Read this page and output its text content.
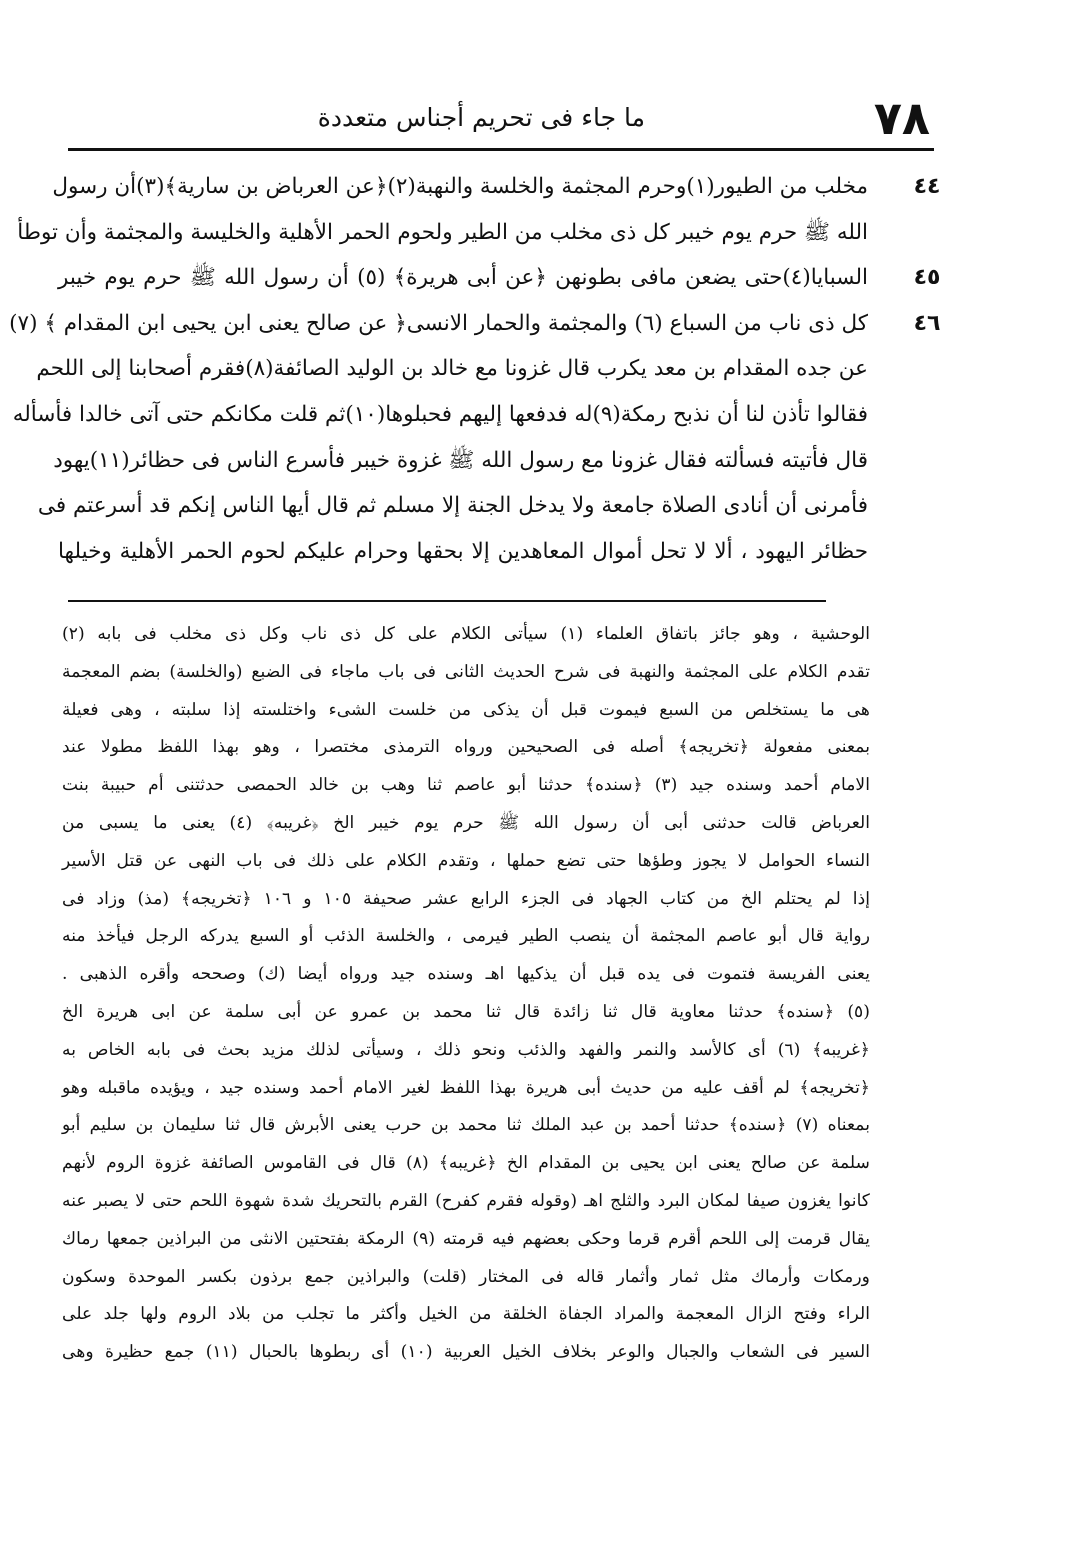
٧٨
ما جاء فى تحريم أجناس متعددة
٤٤
مخلب من الطيور(١)وحرم المجثمة والخلسة والنهبة(٢)﴿عن العرباض بن سارية﴾(٣)أن رسول
الله ﷺ حرم يوم خيبر كل ذى مخلب من الطير ولحوم الحمر الأهلية والخليسة والمجثمة وأن توطأ
٤٥
السبايا(٤)حتى يضعن مافى بطونهن ﴿عن أبى هريرة﴾ (٥) أن رسول الله ﷺ حرم يوم خيبر
٤٦
كل ذى ناب من السباع (٦) والمجثمة والحمار الانسى﴿ عن صالح يعنى ابن يحيى ابن المقدام ﴾ (٧)
عن جده المقدام بن معد يكرب قال غزونا مع خالد بن الوليد الصائفة(٨)فقرم أصحابنا إلى اللحم
فقالوا تأذن لنا أن نذبح رمكة(٩)له فدفعها إليهم فحبلوها(١٠)ثم قلت مكانكم حتى آتى خالدا فأسأله
قال فأتيته فسألته فقال غزونا مع رسول الله ﷺ غزوة خيبر فأسرع الناس فى حظائر(١١)يهود
فأمرنى أن أنادى الصلاة جامعة ولا يدخل الجنة إلا مسلم ثم قال أيها الناس إنكم قد أسرعتم فى
حظائر اليهود ، ألا لا تحل أموال المعاهدين إلا بحقها وحرام عليكم لحوم الحمر الأهلية وخيلها
الوحشية ، وهو جائز باتفاق العلماء (١) سيأتى الكلام على كل ذى ناب وكل ذى مخلب فى بابه (٢)
تقدم الكلام على المجثمة والنهبة فى شرح الحديث الثانى فى باب ماجاء فى الضبع (والخلسة) بضم المعجمة
هى ما يستخلص من السبع فيموت قبل أن يذكى من خلست الشىء واختلسته إذا سلبته ، وهى فعيلة
بمعنى مفعولة ﴿تخريجه﴾ أصله فى الصحيحين ورواه الترمذى مختصرا ، وهو بهذا اللفظ مطولا عند
الامام أحمد وسنده جيد (٣) ﴿سنده﴾ حدثنا أبو عاصم ثنا وهب بن خالد الحمصى حدثتنى أم حبيبة بنت
العرباض قالت حدثنى أبى أن رسول الله ﷺ حرم يوم خيبر الخ ﴿غريبه﴾ (٤) يعنى ما يسبى من
النساء الحوامل لا يجوز وطؤها حتى تضع حملها ، وتقدم الكلام على ذلك فى باب النهى عن قتل الأسير
إذا لم يحتلم الخ من كتاب الجهاد فى الجزء الرابع عشر صحيفة ١٠٥ و ١٠٦ ﴿تخريجه﴾ (مذ) وزاد فى
رواية قال أبو عاصم المجثمة أن ينصب الطير فيرمى ، والخلسة الذئب أو السبع يدركه الرجل فيأخذ منه
يعنى الفريسة فتموت فى يده قبل أن يذكيها اهـ وسنده جيد ورواه أيضا (ك) وصححه وأقره الذهبى .
(٥) ﴿سنده﴾ حدثنا معاوية قال ثنا زائدة قال ثنا محمد بن عمرو عن أبى سلمة عن ابى هريرة الخ
﴿غريبه﴾ (٦) أى كالأسد والنمر والفهد والذئب ونحو ذلك ، وسيأتى لذلك مزيد بحث فى بابه الخاص به
﴿تخريجه﴾ لم أقف عليه من حديث أبى هريرة بهذا اللفظ لغير الامام أحمد وسنده جيد ، ويؤيده ماقبله وهو
بمعناه (٧) ﴿سنده﴾ حدثنا أحمد بن عبد الملك ثنا محمد بن حرب يعنى الأبرش قال ثنا سليمان بن سليم أبو
سلمة عن صالح يعنى ابن يحيى بن المقدام الخ ﴿غريبه﴾ (٨) قال فى القاموس الصائفة غزوة الروم لأنهم
كانوا يغزون صيفا لمكان البرد والثلج اهـ (وقوله فقرم كفرح) القرم بالتحريك شدة شهوة اللحم حتى لا يصبر عنه
يقال قرمت إلى اللحم أقرم قرما وحكى بعضهم فيه قرمته (٩) الرمكة بفتحتين الانثى من البراذين جمعها رماك
ورمكات وأرماك مثل ثمار وأثمار قاله فى المختار (قلت) والبراذين جمع برذون بكسر الموحدة وسكون
الراء وفتح الزال المعجمة والمراد الجفاة الخلقة من الخيل وأكثر ما تجلب من بلاد الروم ولها جلد على
السير فى الشعاب والجبال والوعر بخلاف الخيل العربية (١٠) أى ربطوها بالحبال (١١) جمع حظيرة وهى
